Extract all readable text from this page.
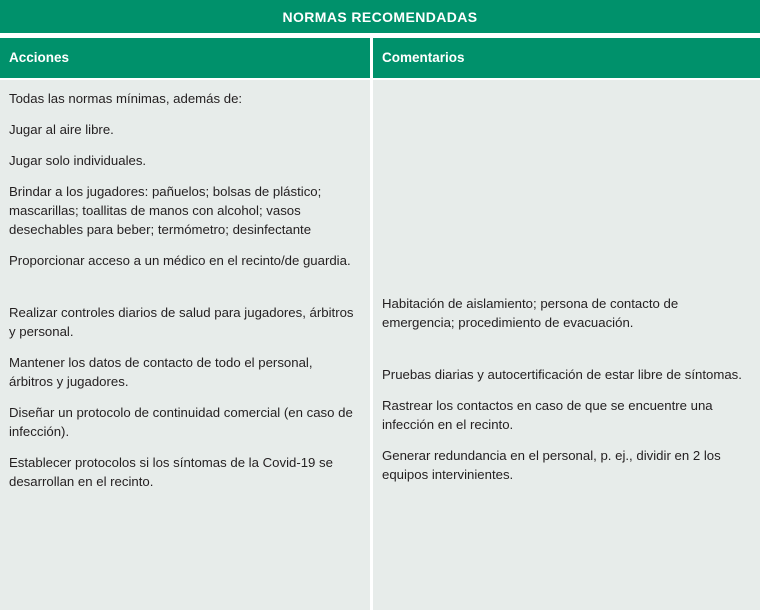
NORMAS RECOMENDADAS
Acciones	Comentarios

Todas las normas mínimas, además de:

Jugar al aire libre.

Jugar solo individuales.

Brindar a los jugadores: pañuelos; bolsas de plástico; mascarillas; toallitas de manos con alcohol; vasos desechables para beber; termómetro; desinfectante

Proporcionar acceso a un médico en el recinto/de guardia.

Realizar controles diarios de salud para jugadores, árbitros y personal.

Mantener los datos de contacto de todo el personal, árbitros y jugadores.

Diseñar un protocolo de continuidad comercial (en caso de infección).

Establecer protocolos si los síntomas de la Covid-19 se desarrollan en el recinto.

Habitación de aislamiento; persona de contacto de emergencia; procedimiento de evacuación.

Pruebas diarias y autocertificación de estar libre de síntomas.

Rastrear los contactos en caso de que se encuentre una infección en el recinto.

Generar redundancia en el personal, p. ej., dividir en 2 los equipos intervinientes.
